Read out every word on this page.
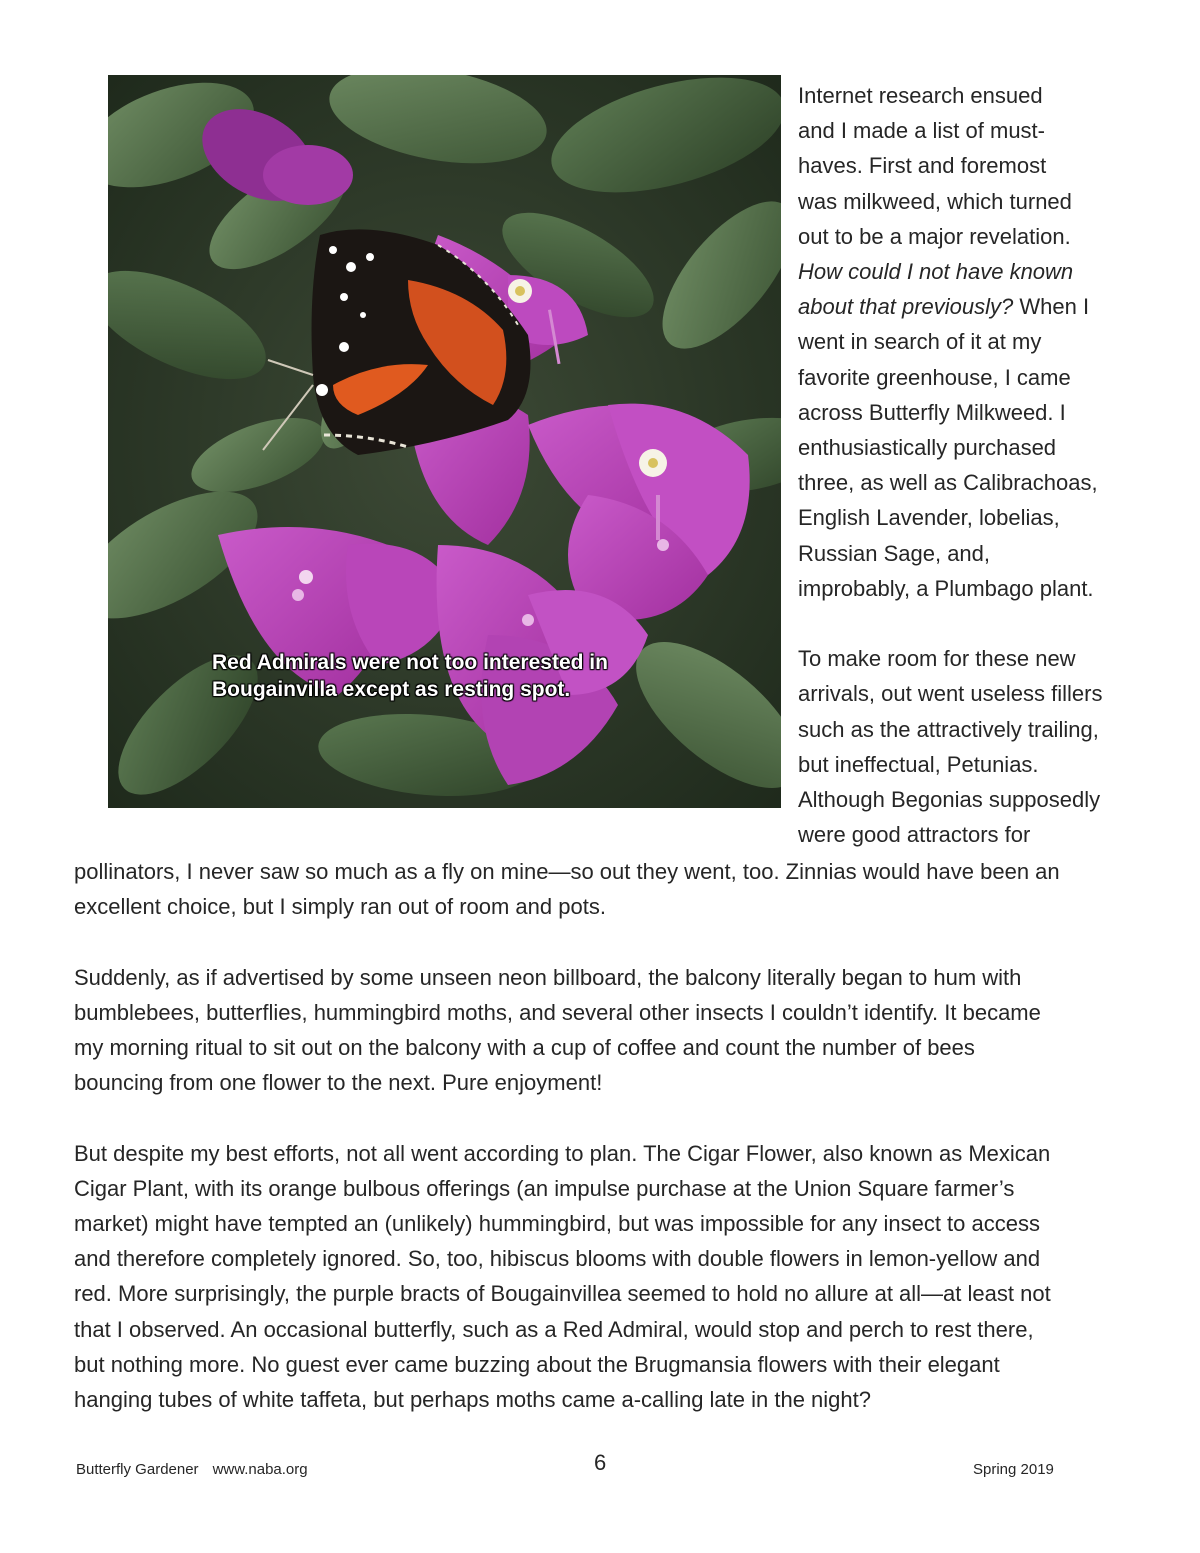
Red Admirals were not too interested in
Bougainvilla except as resting spot.

Internet research ensued
and I made a list of must-
haves. First and foremost
was milkweed, which turned
out to be a major revelation.
How could I not have known
about that previously? When I
went in search of it at my
favorite greenhouse, I came
across Butterfly Milkweed. I
enthusiastically purchased
three, as well as Calibrachoas,
English Lavender, lobelias,
Russian Sage, and,
improbably, a Plumbago plant.

To make room for these new
arrivals, out went useless fillers
such as the attractively trailing,
but ineffectual, Petunias.
Although Begonias supposedly
were good attractors for

pollinators, I never saw so much as a fly on mine—so out they went, too. Zinnias would have been an
excellent choice, but I simply ran out of room and pots.

Suddenly, as if advertised by some unseen neon billboard, the balcony literally began to hum with
bumblebees, butterflies, hummingbird moths, and several other insects I couldn’t identify. It became
my morning ritual to sit out on the balcony with a cup of coffee and count the number of bees
bouncing from one flower to the next. Pure enjoyment!

But despite my best efforts, not all went according to plan. The Cigar Flower, also known as Mexican
Cigar Plant, with its orange bulbous offerings (an impulse purchase at the Union Square farmer’s
market) might have tempted an (unlikely) hummingbird, but was impossible for any insect to access
and therefore completely ignored. So, too, hibiscus blooms with double flowers in lemon-yellow and
red. More surprisingly, the purple bracts of Bougainvillea seemed to hold no allure at all—at least not
that I observed. An occasional butterfly, such as a Red Admiral, would stop and perch to rest there,
but nothing more. No guest ever came buzzing about the Brugmansia flowers with their elegant
hanging tubes of white taffeta, but perhaps moths came a-calling late in the night?

Butterfly Gardener www.naba.org	6	Spring 2019
